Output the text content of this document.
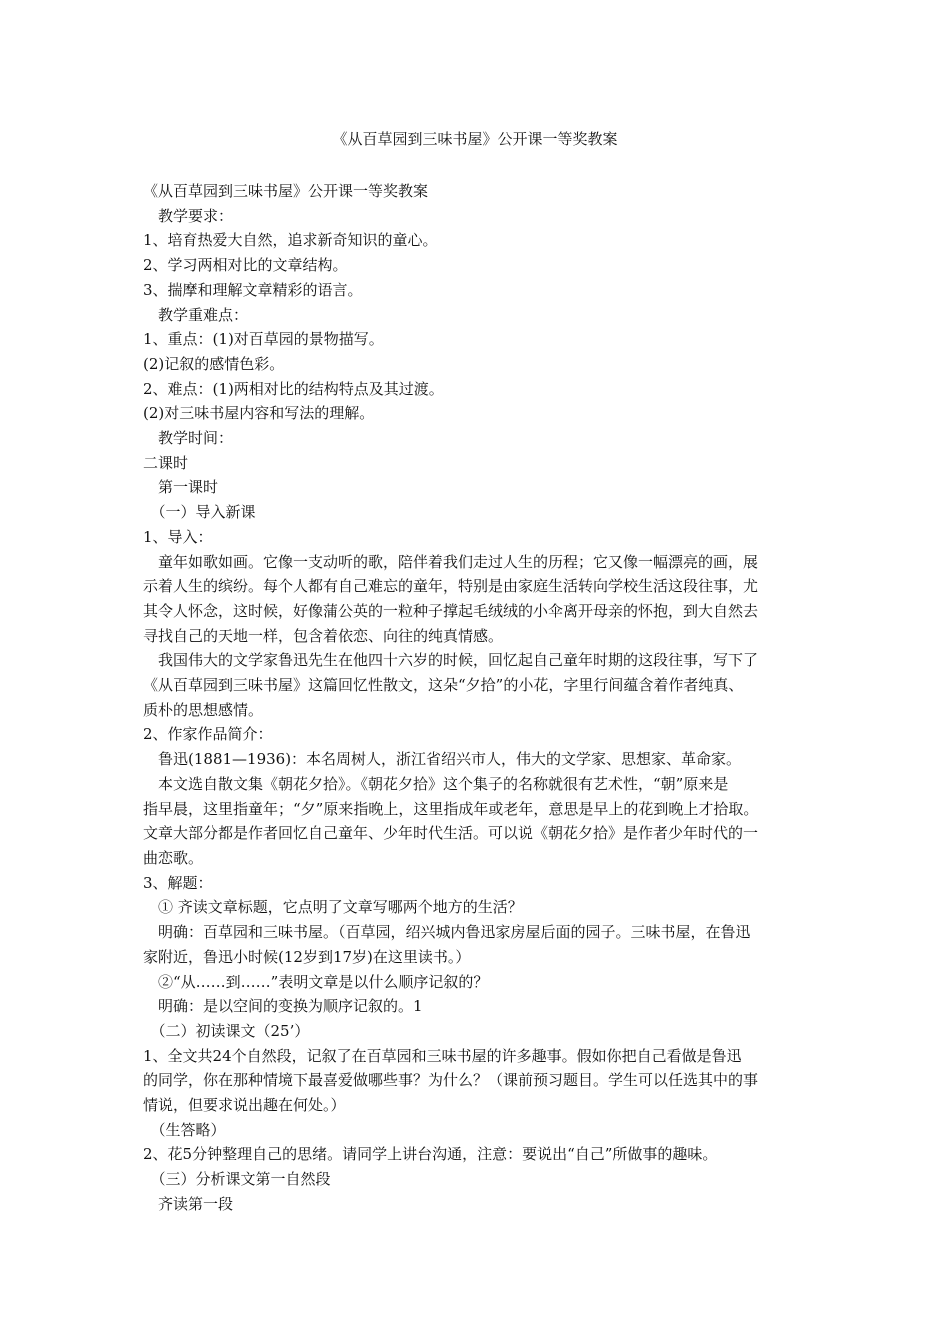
《从百草园到三味书屋》公开课一等奖教案

《从百草园到三味书屋》公开课一等奖教案

　教学要求：

1、培育热爱大自然，追求新奇知识的童心。

2、学习两相对比的文章结构。

3、揣摩和理解文章精彩的语言。

　教学重难点：

1、重点：(1)对百草园的景物描写。

(2)记叙的感情色彩。

2、难点：(1)两相对比的结构特点及其过渡。

(2)对三味书屋内容和写法的理解。

　教学时间：

二课时

　第一课时

　（一）导入新课

1、导入：

　童年如歌如画。它像一支动听的歌，陪伴着我们走过人生的历程；它又像一幅漂亮的画，展

示着人生的缤纷。每个人都有自己难忘的童年，特别是由家庭生活转向学校生活这段往事，尤

其令人怀念，这时候，好像蒲公英的一粒种子撑起毛绒绒的小伞离开母亲的怀抱，到大自然去

寻找自己的天地一样，包含着依恋、向往的纯真情感。

　我国伟大的文学家鲁迅先生在他四十六岁的时候，回忆起自己童年时期的这段往事，写下了

《从百草园到三味书屋》这篇回忆性散文，这朵“夕拾”的小花，字里行间蕴含着作者纯真、

质朴的思想感情。

2、作家作品简介：

　鲁迅(1881—1936)：本名周树人，浙江省绍兴市人，伟大的文学家、思想家、革命家。

　本文选自散文集《朝花夕拾》。《朝花夕拾》这个集子的名称就很有艺术性，“朝”原来是

指早晨，这里指童年；“夕”原来指晚上，这里指成年或老年，意思是早上的花到晚上才拾取。

文章大部分都是作者回忆自己童年、少年时代生活。可以说《朝花夕拾》是作者少年时代的一

曲恋歌。

3、解题：

　① 齐读文章标题，它点明了文章写哪两个地方的生活？

　明确：百草园和三味书屋。（百草园，绍兴城内鲁迅家房屋后面的园子。三味书屋，在鲁迅

家附近，鲁迅小时候(12岁到17岁)在这里读书。）

　②“从……到……”表明文章是以什么顺序记叙的？

　明确：是以空间的变换为顺序记叙的。1

　（二）初读课文（25’）

1、全文共24个自然段，记叙了在百草园和三味书屋的许多趣事。假如你把自己看做是鲁迅

的同学，你在那种情境下最喜爱做哪些事？为什么？（课前预习题目。学生可以任选其中的事

情说，但要求说出趣在何处。）

　（生答略）

2、花5分钟整理自己的思绪。请同学上讲台沟通，注意：要说出“自己”所做事的趣味。

　（三）分析课文第一自然段

　齐读第一段
